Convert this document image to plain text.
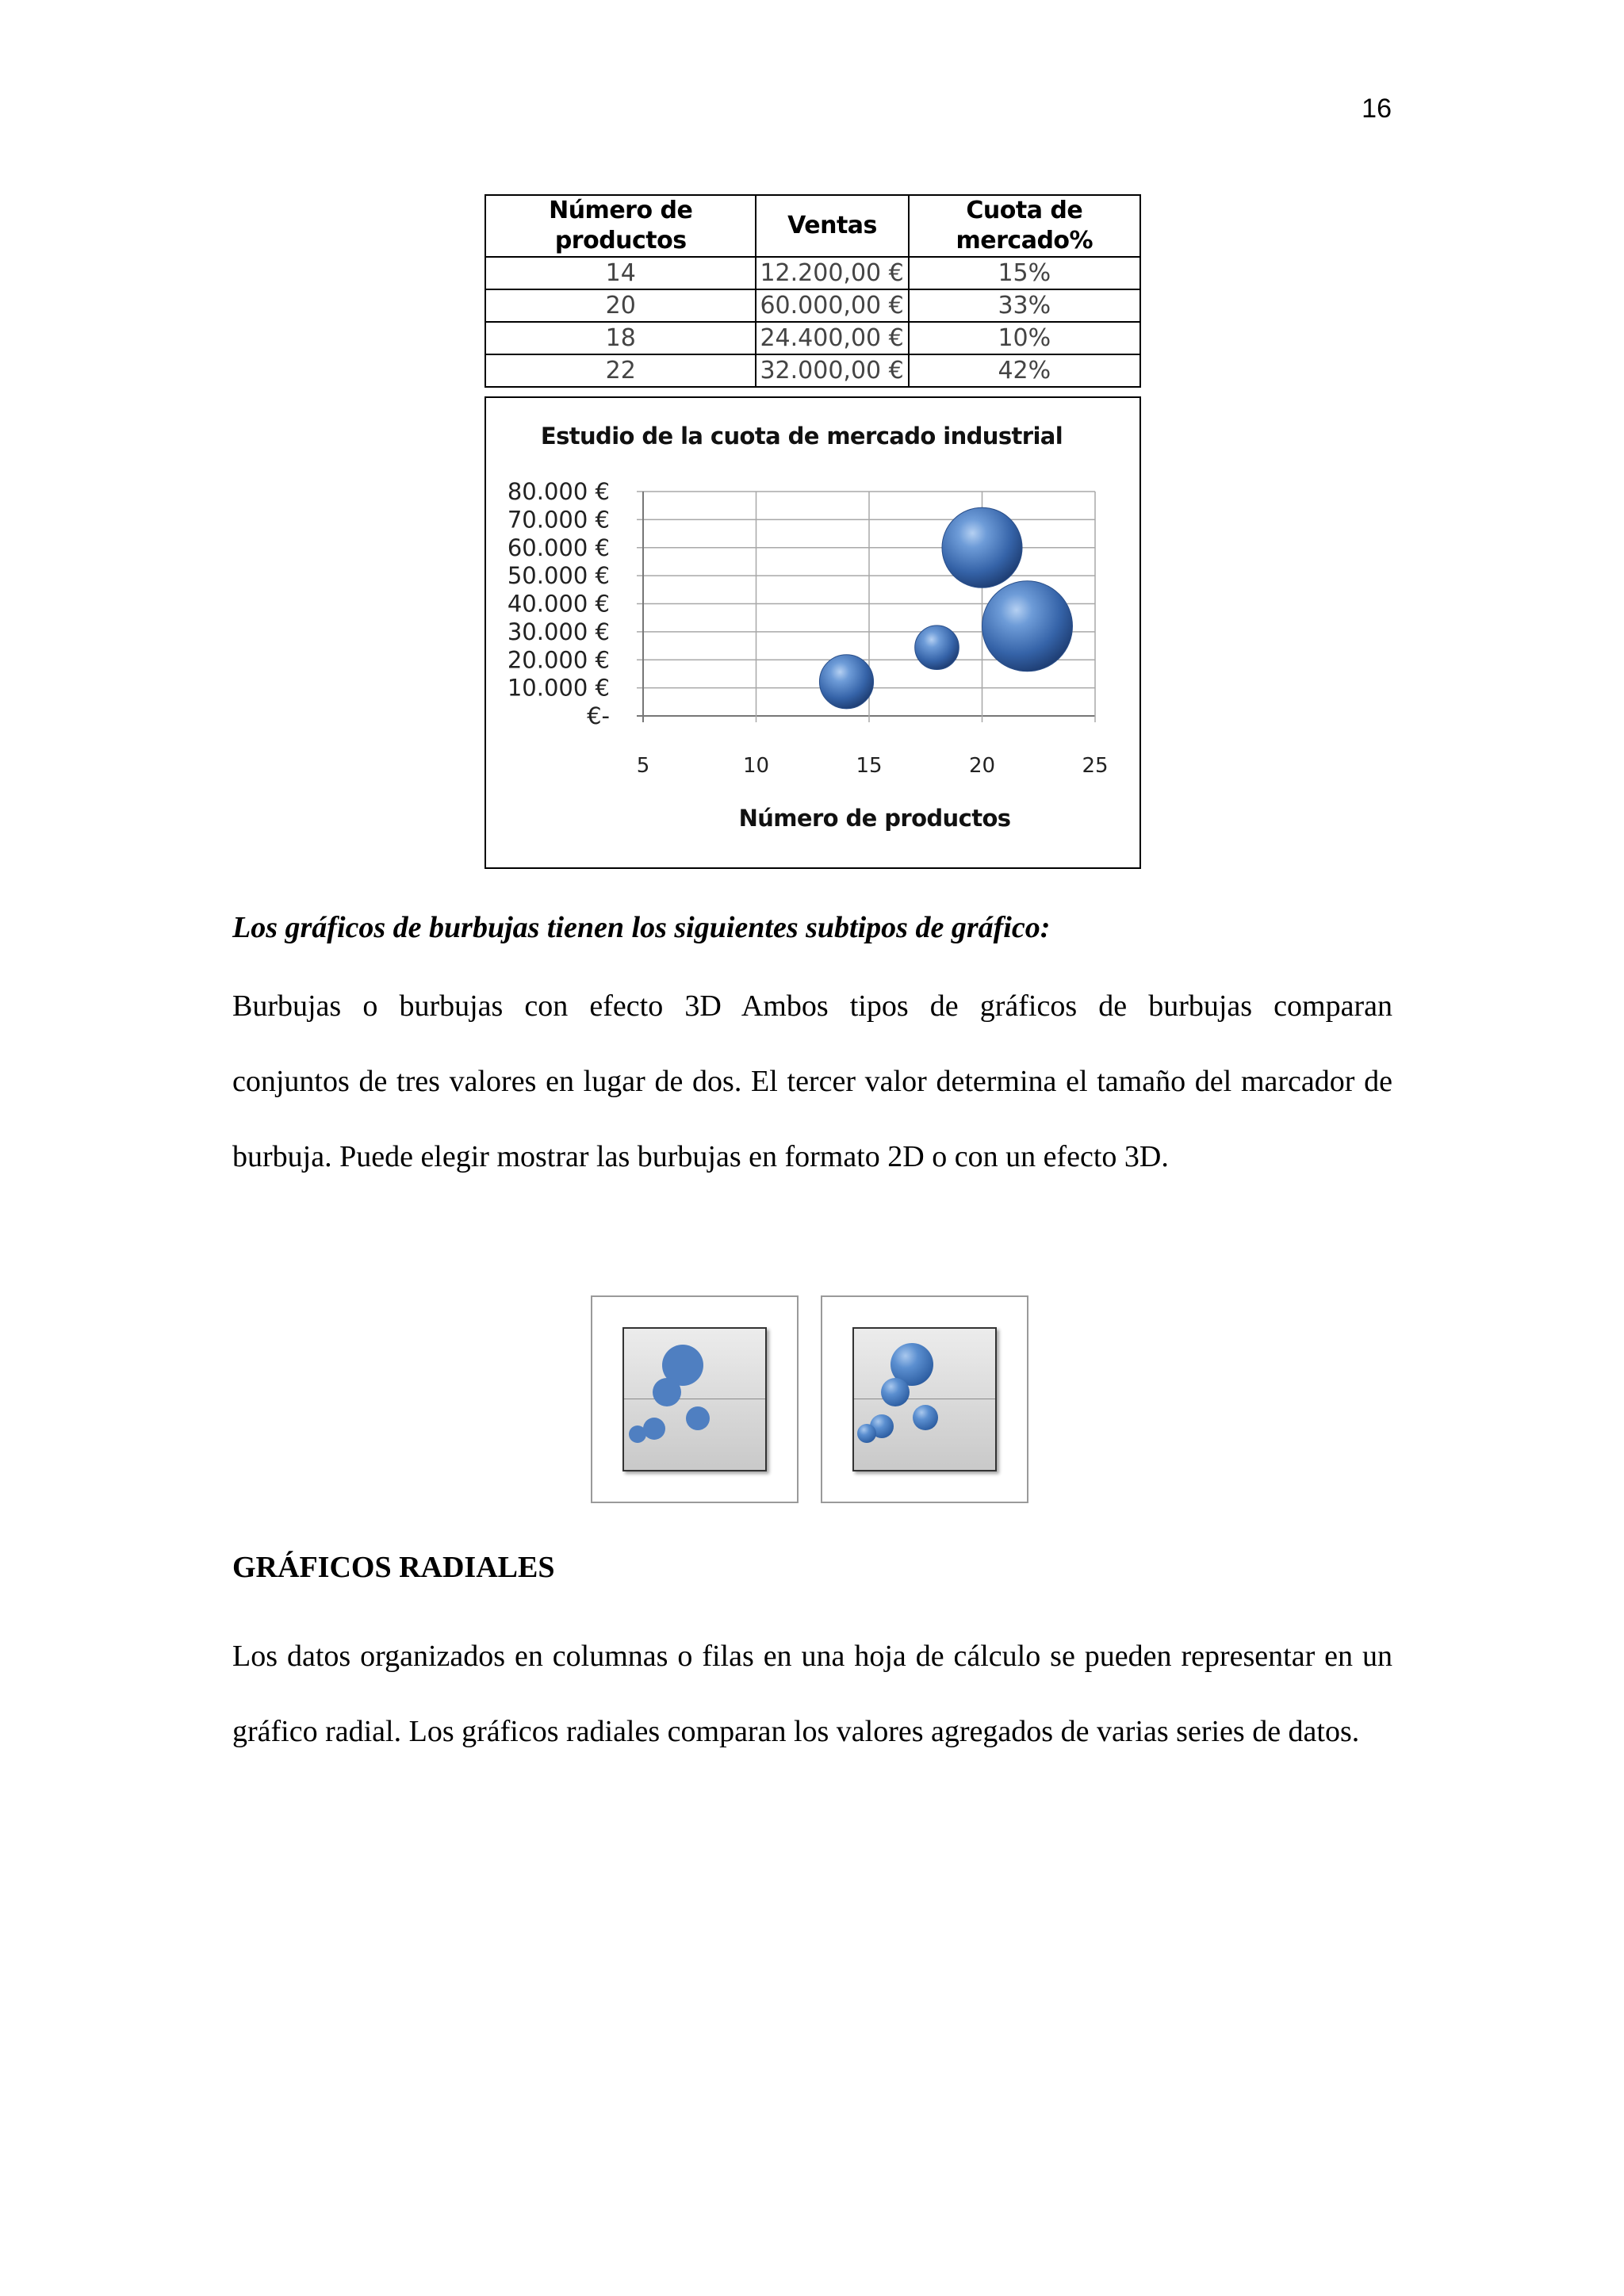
16
Número de productos	Ventas	Cuota de mercado%
14	12.200,00 €	15%
20	60.000,00 €	33%
18	24.400,00 €	10%
22	32.000,00 €	42%
Estudio de la cuota de mercado industrial
Número de productos
€-
10.000 €
20.000 €
30.000 €
40.000 €
50.000 €
60.000 €
70.000 €
80.000 €
5	10	15	20	25
Los gráficos de burbujas tienen los siguientes subtipos de gráfico:
Burbujas o burbujas con efecto 3D Ambos tipos de gráficos de burbujas comparan
conjuntos de tres valores en lugar de dos. El tercer valor determina el tamaño del marcador de burbuja. Puede elegir mostrar las burbujas en formato 2D o con un efecto 3D.
GRÁFICOS RADIALES
Los datos organizados en columnas o filas en una hoja de cálculo se pueden representar en un gráfico radial. Los gráficos radiales comparan los valores agregados de varias series de datos.
